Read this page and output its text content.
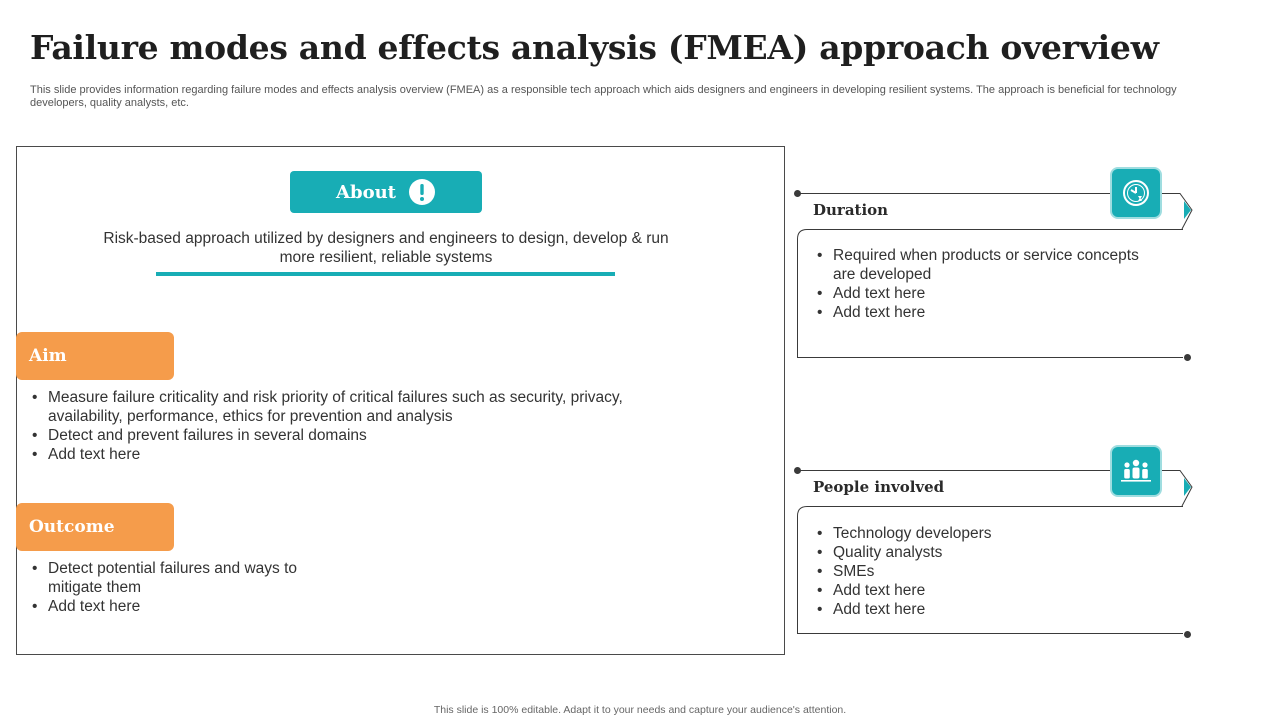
Failure modes and effects analysis (FMEA) approach overview
This slide provides information regarding failure modes and effects analysis overview (FMEA) as a responsible tech approach which aids designers and engineers in developing resilient systems. The approach is beneficial for technology developers, quality analysts, etc.
About
Risk-based approach utilized by designers and engineers to design, develop & run more resilient, reliable systems
Aim
• Measure failure criticality and risk priority of critical failures such as security, privacy, availability, performance, ethics for prevention and analysis
• Detect and prevent failures in several domains
• Add text here
Outcome
• Detect potential failures and ways to mitigate them
• Add text here
Duration
• Required when products or service concepts are developed
• Add text here
• Add text here
People involved
• Technology developers
• Quality analysts
• SMEs
• Add text here
• Add text here
This slide is 100% editable. Adapt it to your needs and capture your audience's attention.
